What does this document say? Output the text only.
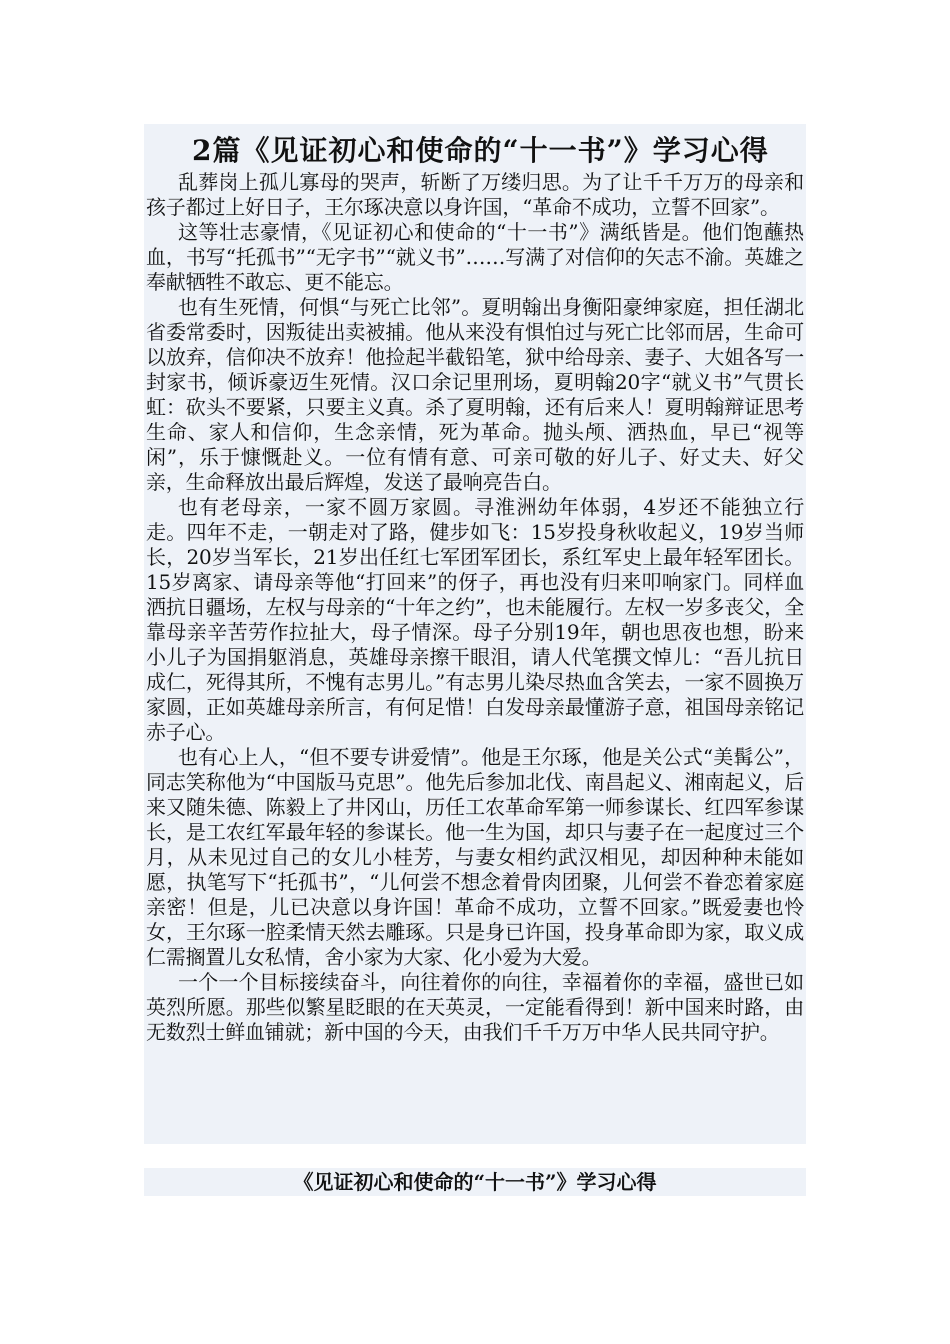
2篇《见证初心和使命的“十一书”》学习心得

乱葬岗上孤儿寡母的哭声，斩断了万缕归思。为了让千千万万的母亲和孩子都过上好日子，王尔琢决意以身许国，“革命不成功，立誓不回家”。

这等壮志豪情，《见证初心和使命的“十一书”》满纸皆是。他们饱蘸热血，书写“托孤书”“无字书”“就义书”……写满了对信仰的矢志不渝。英雄之奉献牺牲不敢忘、更不能忘。

也有生死情，何惧“与死亡比邻”。夏明翰出身衡阳豪绅家庭，担任湖北省委常委时，因叛徒出卖被捕。他从来没有惧怕过与死亡比邻而居，生命可以放弃，信仰决不放弃！他捡起半截铅笔，狱中给母亲、妻子、大姐各写一封家书，倾诉豪迈生死情。汉口余记里刑场，夏明翰20字“就义书”气贯长虹：砍头不要紧，只要主义真。杀了夏明翰，还有后来人！夏明翰辩证思考生命、家人和信仰，生念亲情，死为革命。抛头颅、洒热血，早已“视等闲”，乐于慷慨赴义。一位有情有意、可亲可敬的好儿子、好丈夫、好父亲，生命释放出最后辉煌，发送了最响亮告白。

也有老母亲，一家不圆万家圆。寻淮洲幼年体弱，4岁还不能独立行走。四年不走，一朝走对了路，健步如飞：15岁投身秋收起义，19岁当师长，20岁当军长，21岁出任红七军团军团长，系红军史上最年轻军团长。15岁离家、请母亲等他“打回来”的伢子，再也没有归来叩响家门。同样血洒抗日疆场，左权与母亲的“十年之约”，也未能履行。左权一岁多丧父，全靠母亲辛苦劳作拉扯大，母子情深。母子分别19年，朝也思夜也想，盼来小儿子为国捐躯消息，英雄母亲擦干眼泪，请人代笔撰文悼儿：“吾儿抗日成仁，死得其所，不愧有志男儿。”有志男儿染尽热血含笑去，一家不圆换万家圆，正如英雄母亲所言，有何足惜！白发母亲最懂游子意，祖国母亲铭记赤子心。

也有心上人，“但不要专讲爱情”。他是王尔琢，他是关公式“美髯公”，同志笑称他为“中国版马克思”。他先后参加北伐、南昌起义、湘南起义，后来又随朱德、陈毅上了井冈山，历任工农革命军第一师参谋长、红四军参谋长，是工农红军最年轻的参谋长。他一生为国，却只与妻子在一起度过三个月，从未见过自己的女儿小桂芳，与妻女相约武汉相见，却因种种未能如愿，执笔写下“托孤书”，“儿何尝不想念着骨肉团聚，儿何尝不眷恋着家庭亲密！但是，儿已决意以身许国！革命不成功，立誓不回家。”既爱妻也怜女，王尔琢一腔柔情天然去雕琢。只是身已许国，投身革命即为家，取义成仁需搁置儿女私情，舍小家为大家、化小爱为大爱。

一个一个目标接续奋斗，向往着你的向往，幸福着你的幸福，盛世已如英烈所愿。那些似繁星眨眼的在天英灵，一定能看得到！新中国来时路，由无数烈士鲜血铺就；新中国的今天，由我们千千万万中华人民共同守护。

《见证初心和使命的“十一书”》学习心得
